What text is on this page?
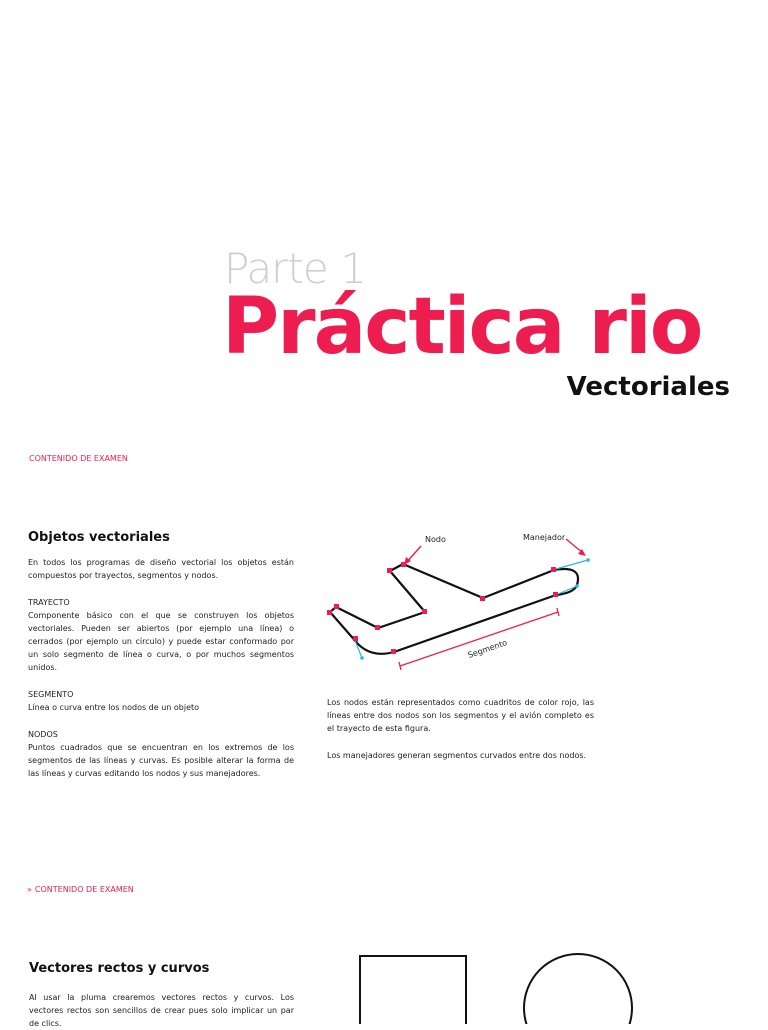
Parte 1
Práctica rio
Vectoriales
CONTENIDO DE EXAMEN
Objetos vectoriales

En todos los programas de diseño vectorial los objetos están compuestos por trayectos, segmentos y nodos.

TRAYECTO
Componente básico con el que se construyen los objetos vectoriales. Pueden ser abiertos (por ejemplo una línea) o cerrados (por ejemplo un círculo) y puede estar conformado por un solo segmento de línea o curva, o por muchos segmentos unidos.

SEGMENTO
Línea o curva entre los nodos de un objeto

NODOS
Puntos cuadrados que se encuentran en los extremos de los segmentos de las líneas y curvas. Es posible alterar la forma de las líneas y curvas editando los nodos y sus manejadores.

Nodo	Manejador
Segmento

Los nodos están representados como cuadritos de color rojo, las líneas entre dos nodos son los segmentos y el avión completo es el trayecto de esta figura.

Los manejadores generan segmentos curvados entre dos nodos.

» CONTENIDO DE EXAMEN
Vectores rectos y curvos
Al usar la pluma crearemos vectores rectos y curvos. Los vectores rectos son sencillos de crear pues solo implicar un par de clics.
